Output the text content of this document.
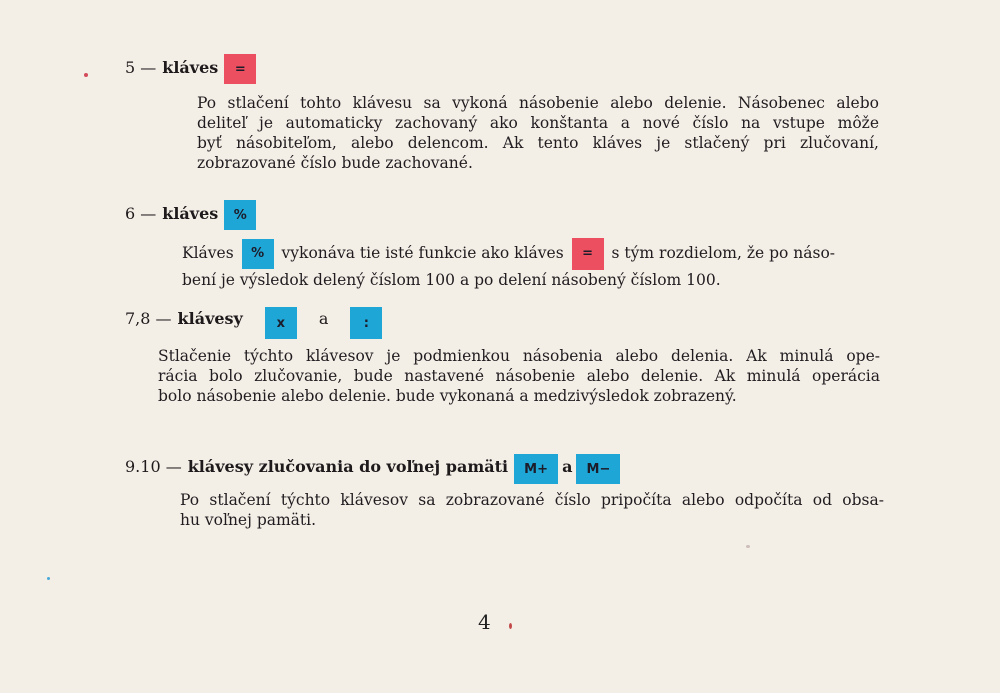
5 — kláves	=
Po stlačení tohto klávesu sa vykoná násobenie alebo delenie. Násobenec alebo
deliteľ je automaticky zachovaný ako konštanta a nové číslo na vstupe môže
byť násobiteľom, alebo delencom. Ak tento kláves je stlačený pri zlučovaní,
zobrazované číslo bude zachované.
6 — kláves	%
Kláves % vykonáva tie isté funkcie ako kláves = s tým rozdielom, že po náso-
bení je výsledok delený číslom 100 a po delení násobený číslom 100.
7,8 — klávesy	x	a	:
Stlačenie týchto klávesov je podmienkou násobenia alebo delenia. Ak minulá ope-
rácia bolo zlučovanie, bude nastavené násobenie alebo delenie. Ak minulá operácia
bolo násobenie alebo delenie. bude vykonaná a medzivýsledok zobrazený.
9.10 — klávesy zlučovania do voľnej pamäti	M+ a	M−
Po stlačení týchto klávesov sa zobrazované číslo pripočíta alebo odpočíta od obsa-
hu voľnej pamäti.
4
